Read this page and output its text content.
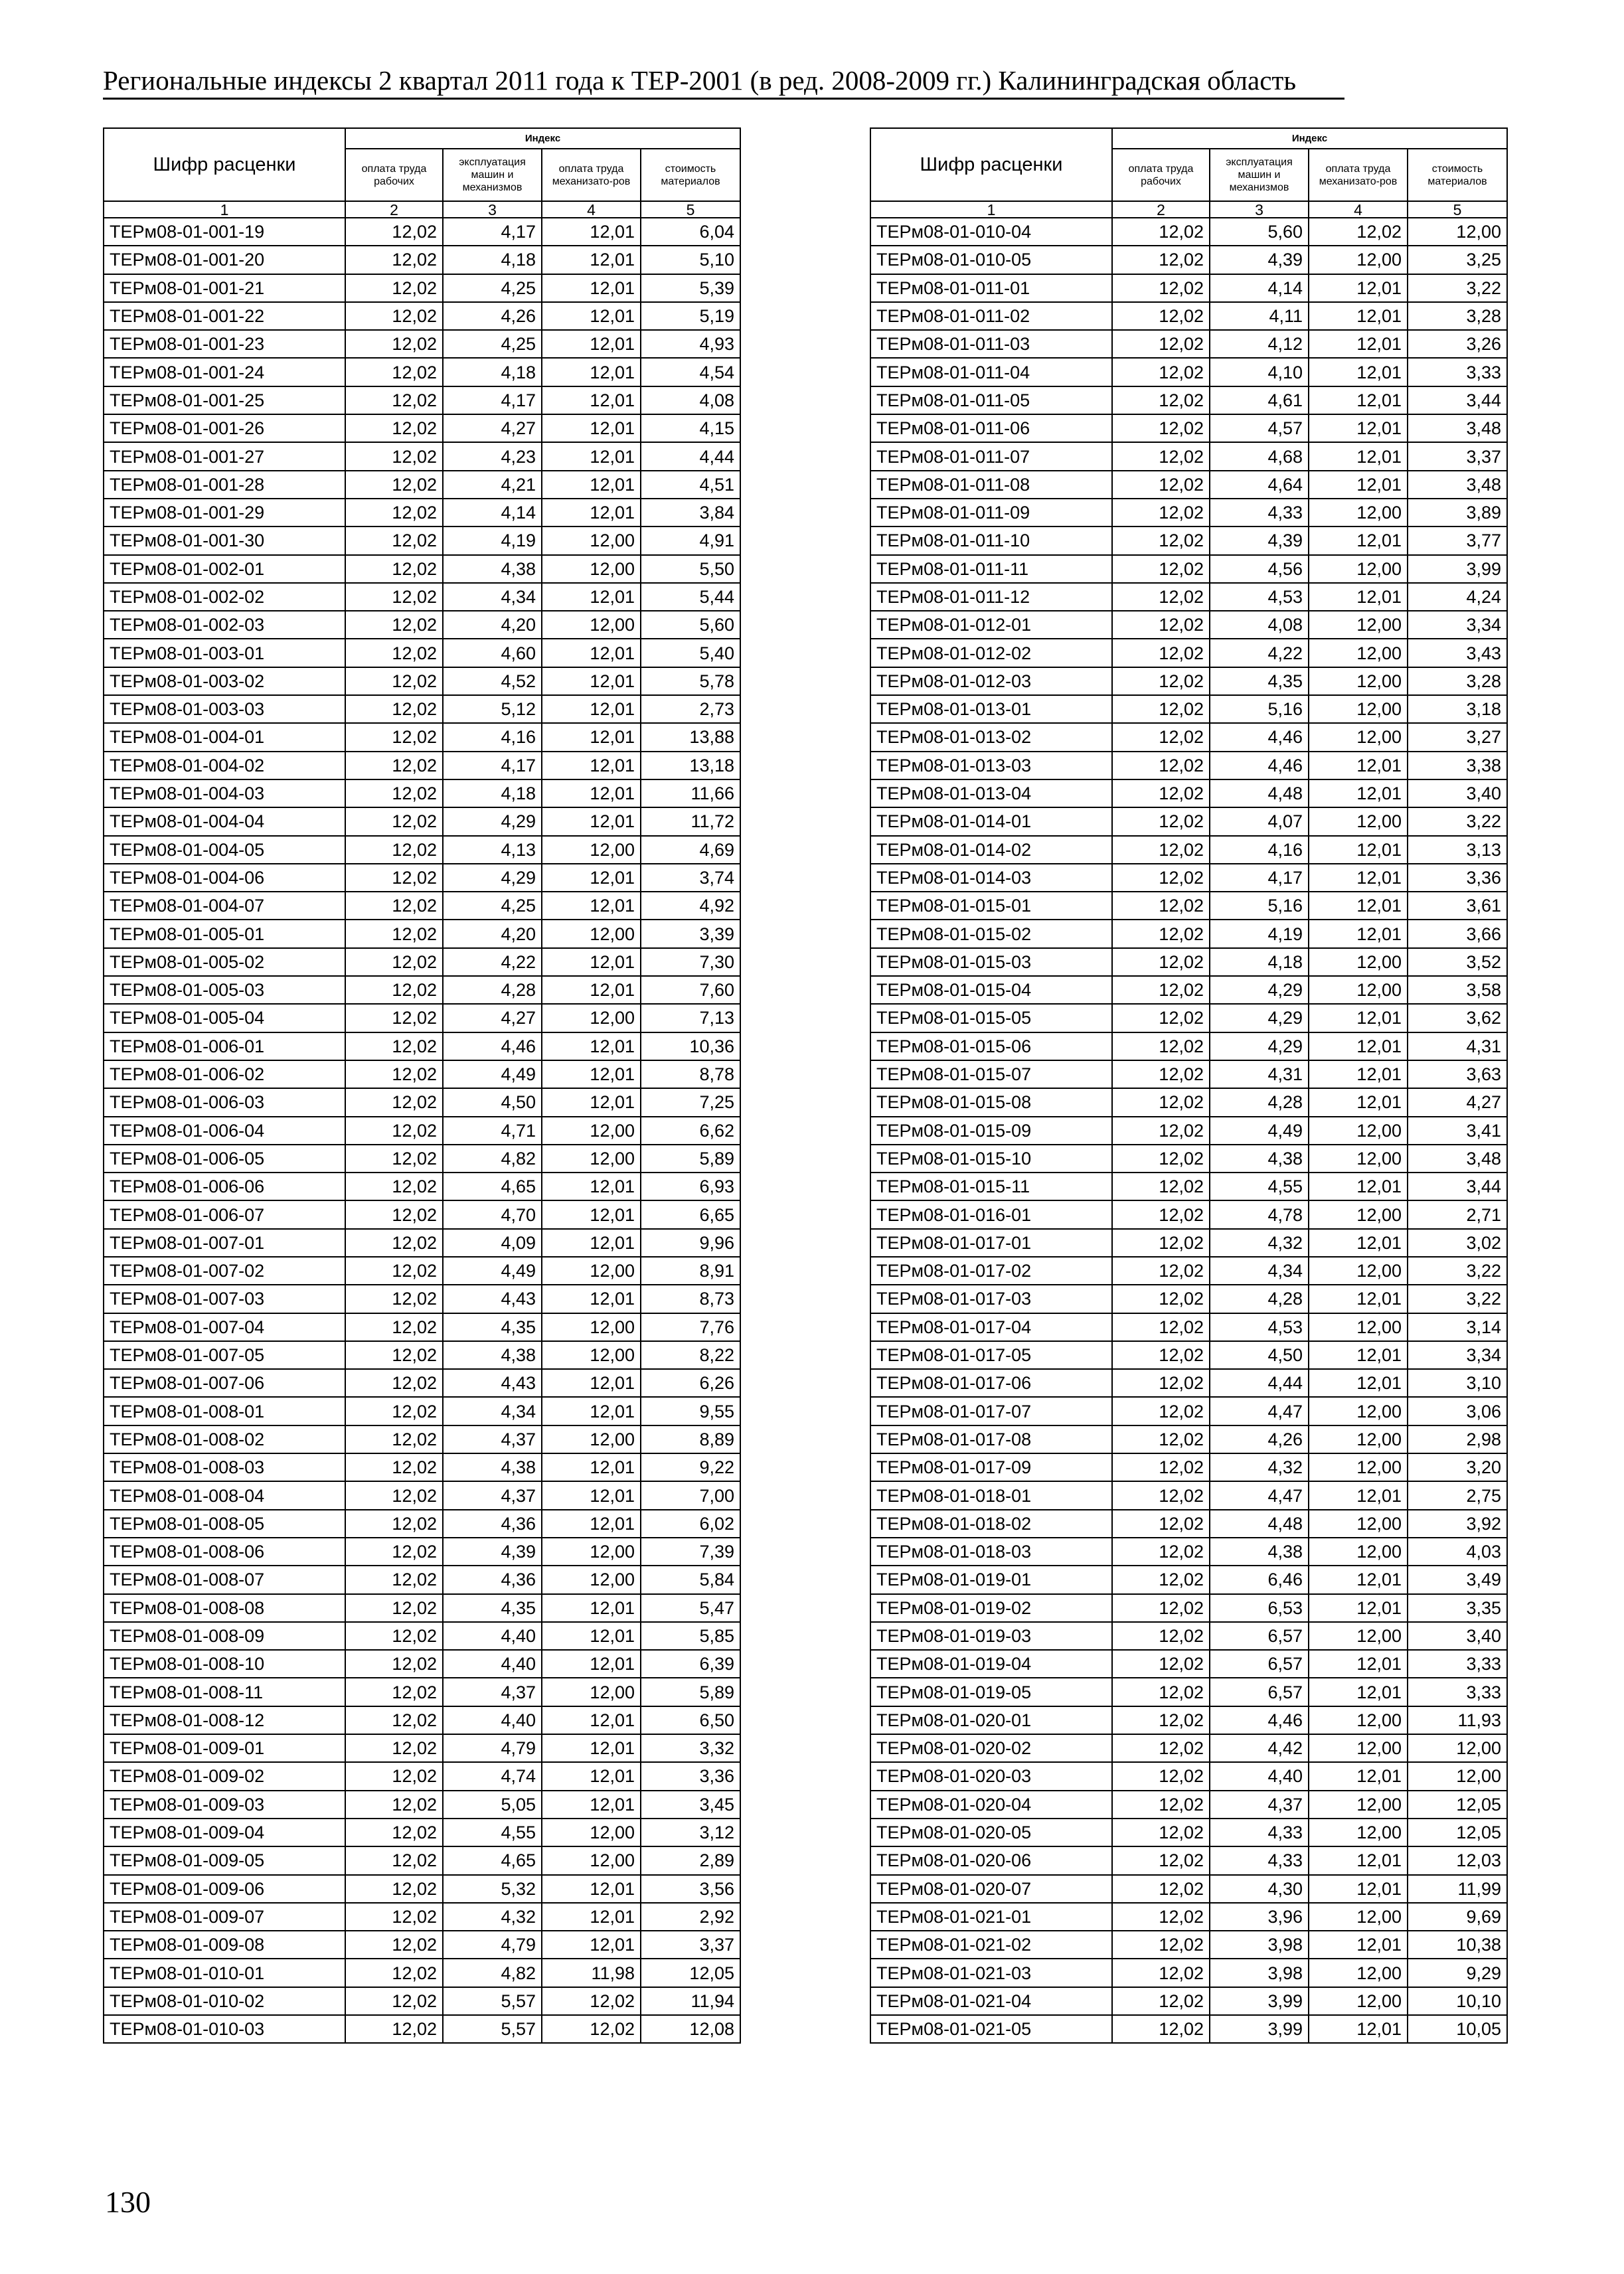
Региональные индексы 2 квартал 2011 года к ТЕР-2001 (в ред. 2008-2009 гг.) Калининградская область
Шифр расценки	Индекс			
	оплата труда рабочих	эксплуатация машин и механизмов	оплата труда механизато-ров	стоимость материалов
1	2	3	4	5
ТЕРм08-01-001-19	12,02	4,17	12,01	6,04
ТЕРм08-01-001-20	12,02	4,18	12,01	5,10
ТЕРм08-01-001-21	12,02	4,25	12,01	5,39
ТЕРм08-01-001-22	12,02	4,26	12,01	5,19
ТЕРм08-01-001-23	12,02	4,25	12,01	4,93
ТЕРм08-01-001-24	12,02	4,18	12,01	4,54
ТЕРм08-01-001-25	12,02	4,17	12,01	4,08
ТЕРм08-01-001-26	12,02	4,27	12,01	4,15
ТЕРм08-01-001-27	12,02	4,23	12,01	4,44
ТЕРм08-01-001-28	12,02	4,21	12,01	4,51
ТЕРм08-01-001-29	12,02	4,14	12,01	3,84
ТЕРм08-01-001-30	12,02	4,19	12,00	4,91
ТЕРм08-01-002-01	12,02	4,38	12,00	5,50
ТЕРм08-01-002-02	12,02	4,34	12,01	5,44
ТЕРм08-01-002-03	12,02	4,20	12,00	5,60
ТЕРм08-01-003-01	12,02	4,60	12,01	5,40
ТЕРм08-01-003-02	12,02	4,52	12,01	5,78
ТЕРм08-01-003-03	12,02	5,12	12,01	2,73
ТЕРм08-01-004-01	12,02	4,16	12,01	13,88
ТЕРм08-01-004-02	12,02	4,17	12,01	13,18
ТЕРм08-01-004-03	12,02	4,18	12,01	11,66
ТЕРм08-01-004-04	12,02	4,29	12,01	11,72
ТЕРм08-01-004-05	12,02	4,13	12,00	4,69
ТЕРм08-01-004-06	12,02	4,29	12,01	3,74
ТЕРм08-01-004-07	12,02	4,25	12,01	4,92
ТЕРм08-01-005-01	12,02	4,20	12,00	3,39
ТЕРм08-01-005-02	12,02	4,22	12,01	7,30
ТЕРм08-01-005-03	12,02	4,28	12,01	7,60
ТЕРм08-01-005-04	12,02	4,27	12,00	7,13
ТЕРм08-01-006-01	12,02	4,46	12,01	10,36
ТЕРм08-01-006-02	12,02	4,49	12,01	8,78
ТЕРм08-01-006-03	12,02	4,50	12,01	7,25
ТЕРм08-01-006-04	12,02	4,71	12,00	6,62
ТЕРм08-01-006-05	12,02	4,82	12,00	5,89
ТЕРм08-01-006-06	12,02	4,65	12,01	6,93
ТЕРм08-01-006-07	12,02	4,70	12,01	6,65
ТЕРм08-01-007-01	12,02	4,09	12,01	9,96
ТЕРм08-01-007-02	12,02	4,49	12,00	8,91
ТЕРм08-01-007-03	12,02	4,43	12,01	8,73
ТЕРм08-01-007-04	12,02	4,35	12,00	7,76
ТЕРм08-01-007-05	12,02	4,38	12,00	8,22
ТЕРм08-01-007-06	12,02	4,43	12,01	6,26
ТЕРм08-01-008-01	12,02	4,34	12,01	9,55
ТЕРм08-01-008-02	12,02	4,37	12,00	8,89
ТЕРм08-01-008-03	12,02	4,38	12,01	9,22
ТЕРм08-01-008-04	12,02	4,37	12,01	7,00
ТЕРм08-01-008-05	12,02	4,36	12,01	6,02
ТЕРм08-01-008-06	12,02	4,39	12,00	7,39
ТЕРм08-01-008-07	12,02	4,36	12,00	5,84
ТЕРм08-01-008-08	12,02	4,35	12,01	5,47
ТЕРм08-01-008-09	12,02	4,40	12,01	5,85
ТЕРм08-01-008-10	12,02	4,40	12,01	6,39
ТЕРм08-01-008-11	12,02	4,37	12,00	5,89
ТЕРм08-01-008-12	12,02	4,40	12,01	6,50
ТЕРм08-01-009-01	12,02	4,79	12,01	3,32
ТЕРм08-01-009-02	12,02	4,74	12,01	3,36
ТЕРм08-01-009-03	12,02	5,05	12,01	3,45
ТЕРм08-01-009-04	12,02	4,55	12,00	3,12
ТЕРм08-01-009-05	12,02	4,65	12,00	2,89
ТЕРм08-01-009-06	12,02	5,32	12,01	3,56
ТЕРм08-01-009-07	12,02	4,32	12,01	2,92
ТЕРм08-01-009-08	12,02	4,79	12,01	3,37
ТЕРм08-01-010-01	12,02	4,82	11,98	12,05
ТЕРм08-01-010-02	12,02	5,57	12,02	11,94
ТЕРм08-01-010-03	12,02	5,57	12,02	12,08
Шифр расценки	Индекс			
	оплата труда рабочих	эксплуатация машин и механизмов	оплата труда механизато-ров	стоимость материалов
1	2	3	4	5
ТЕРм08-01-010-04	12,02	5,60	12,02	12,00
ТЕРм08-01-010-05	12,02	4,39	12,00	3,25
ТЕРм08-01-011-01	12,02	4,14	12,01	3,22
ТЕРм08-01-011-02	12,02	4,11	12,01	3,28
ТЕРм08-01-011-03	12,02	4,12	12,01	3,26
ТЕРм08-01-011-04	12,02	4,10	12,01	3,33
ТЕРм08-01-011-05	12,02	4,61	12,01	3,44
ТЕРм08-01-011-06	12,02	4,57	12,01	3,48
ТЕРм08-01-011-07	12,02	4,68	12,01	3,37
ТЕРм08-01-011-08	12,02	4,64	12,01	3,48
ТЕРм08-01-011-09	12,02	4,33	12,00	3,89
ТЕРм08-01-011-10	12,02	4,39	12,01	3,77
ТЕРм08-01-011-11	12,02	4,56	12,00	3,99
ТЕРм08-01-011-12	12,02	4,53	12,01	4,24
ТЕРм08-01-012-01	12,02	4,08	12,00	3,34
ТЕРм08-01-012-02	12,02	4,22	12,00	3,43
ТЕРм08-01-012-03	12,02	4,35	12,00	3,28
ТЕРм08-01-013-01	12,02	5,16	12,00	3,18
ТЕРм08-01-013-02	12,02	4,46	12,00	3,27
ТЕРм08-01-013-03	12,02	4,46	12,01	3,38
ТЕРм08-01-013-04	12,02	4,48	12,01	3,40
ТЕРм08-01-014-01	12,02	4,07	12,00	3,22
ТЕРм08-01-014-02	12,02	4,16	12,01	3,13
ТЕРм08-01-014-03	12,02	4,17	12,01	3,36
ТЕРм08-01-015-01	12,02	5,16	12,01	3,61
ТЕРм08-01-015-02	12,02	4,19	12,01	3,66
ТЕРм08-01-015-03	12,02	4,18	12,00	3,52
ТЕРм08-01-015-04	12,02	4,29	12,00	3,58
ТЕРм08-01-015-05	12,02	4,29	12,01	3,62
ТЕРм08-01-015-06	12,02	4,29	12,01	4,31
ТЕРм08-01-015-07	12,02	4,31	12,01	3,63
ТЕРм08-01-015-08	12,02	4,28	12,01	4,27
ТЕРм08-01-015-09	12,02	4,49	12,00	3,41
ТЕРм08-01-015-10	12,02	4,38	12,00	3,48
ТЕРм08-01-015-11	12,02	4,55	12,01	3,44
ТЕРм08-01-016-01	12,02	4,78	12,00	2,71
ТЕРм08-01-017-01	12,02	4,32	12,01	3,02
ТЕРм08-01-017-02	12,02	4,34	12,00	3,22
ТЕРм08-01-017-03	12,02	4,28	12,01	3,22
ТЕРм08-01-017-04	12,02	4,53	12,00	3,14
ТЕРм08-01-017-05	12,02	4,50	12,01	3,34
ТЕРм08-01-017-06	12,02	4,44	12,01	3,10
ТЕРм08-01-017-07	12,02	4,47	12,00	3,06
ТЕРм08-01-017-08	12,02	4,26	12,00	2,98
ТЕРм08-01-017-09	12,02	4,32	12,00	3,20
ТЕРм08-01-018-01	12,02	4,47	12,01	2,75
ТЕРм08-01-018-02	12,02	4,48	12,00	3,92
ТЕРм08-01-018-03	12,02	4,38	12,00	4,03
ТЕРм08-01-019-01	12,02	6,46	12,01	3,49
ТЕРм08-01-019-02	12,02	6,53	12,01	3,35
ТЕРм08-01-019-03	12,02	6,57	12,00	3,40
ТЕРм08-01-019-04	12,02	6,57	12,01	3,33
ТЕРм08-01-019-05	12,02	6,57	12,01	3,33
ТЕРм08-01-020-01	12,02	4,46	12,00	11,93
ТЕРм08-01-020-02	12,02	4,42	12,00	12,00
ТЕРм08-01-020-03	12,02	4,40	12,01	12,00
ТЕРм08-01-020-04	12,02	4,37	12,00	12,05
ТЕРм08-01-020-05	12,02	4,33	12,00	12,05
ТЕРм08-01-020-06	12,02	4,33	12,01	12,03
ТЕРм08-01-020-07	12,02	4,30	12,01	11,99
ТЕРм08-01-021-01	12,02	3,96	12,00	9,69
ТЕРм08-01-021-02	12,02	3,98	12,01	10,38
ТЕРм08-01-021-03	12,02	3,98	12,00	9,29
ТЕРм08-01-021-04	12,02	3,99	12,00	10,10
ТЕРм08-01-021-05	12,02	3,99	12,01	10,05
130
